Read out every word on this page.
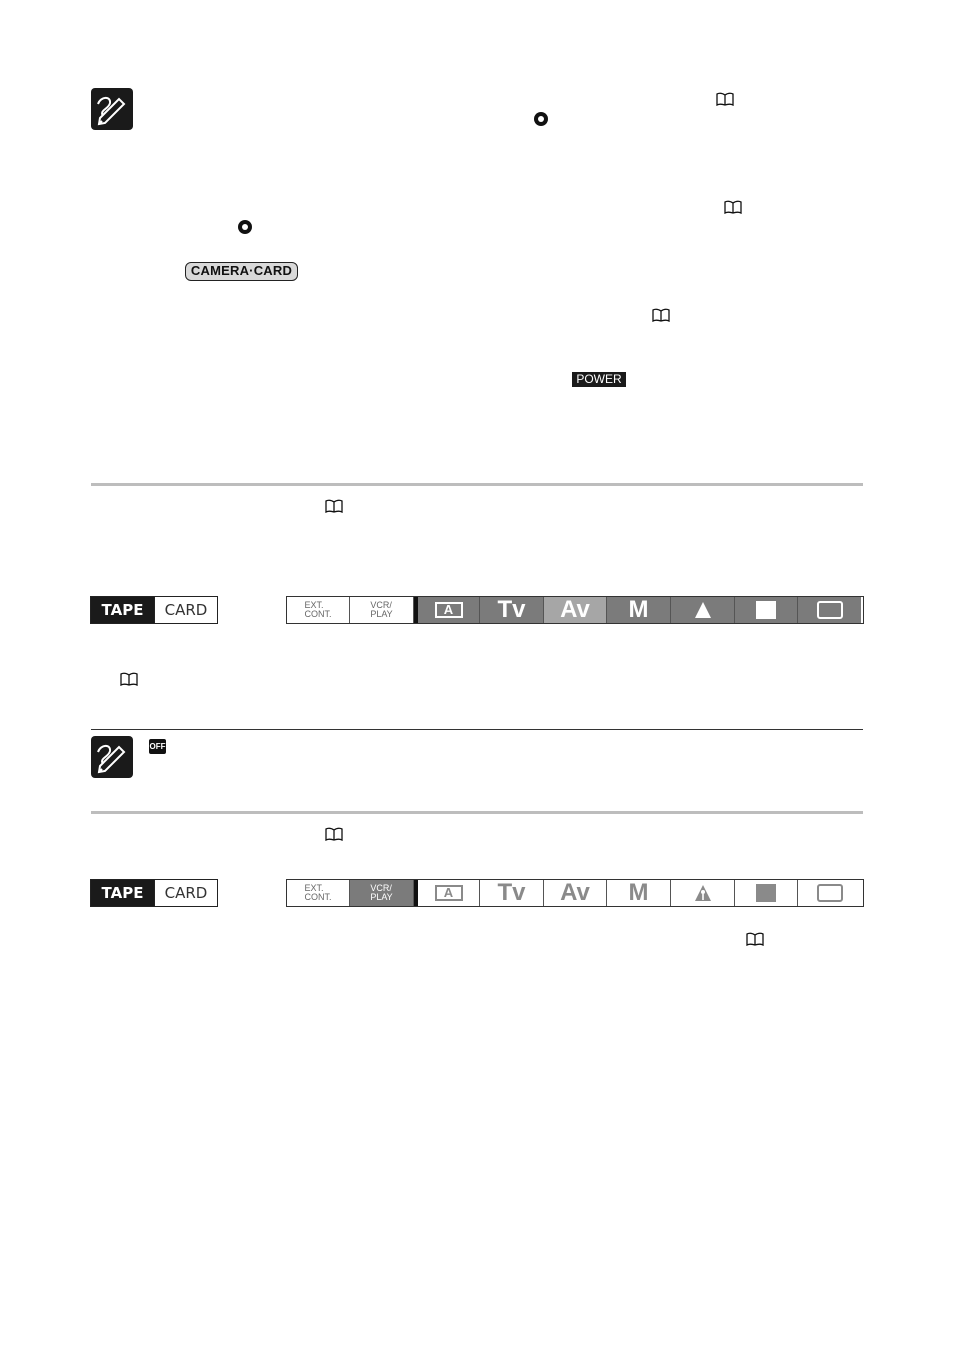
CAMERA·CARD
POWER
TAPE	CARD	EXT.
CONT.
VCR/
PLAY	A	Tv Av M
OFF
TAPE	CARD	EXT.
CONT.
VCR/
PLAY	A	Tv Av M
